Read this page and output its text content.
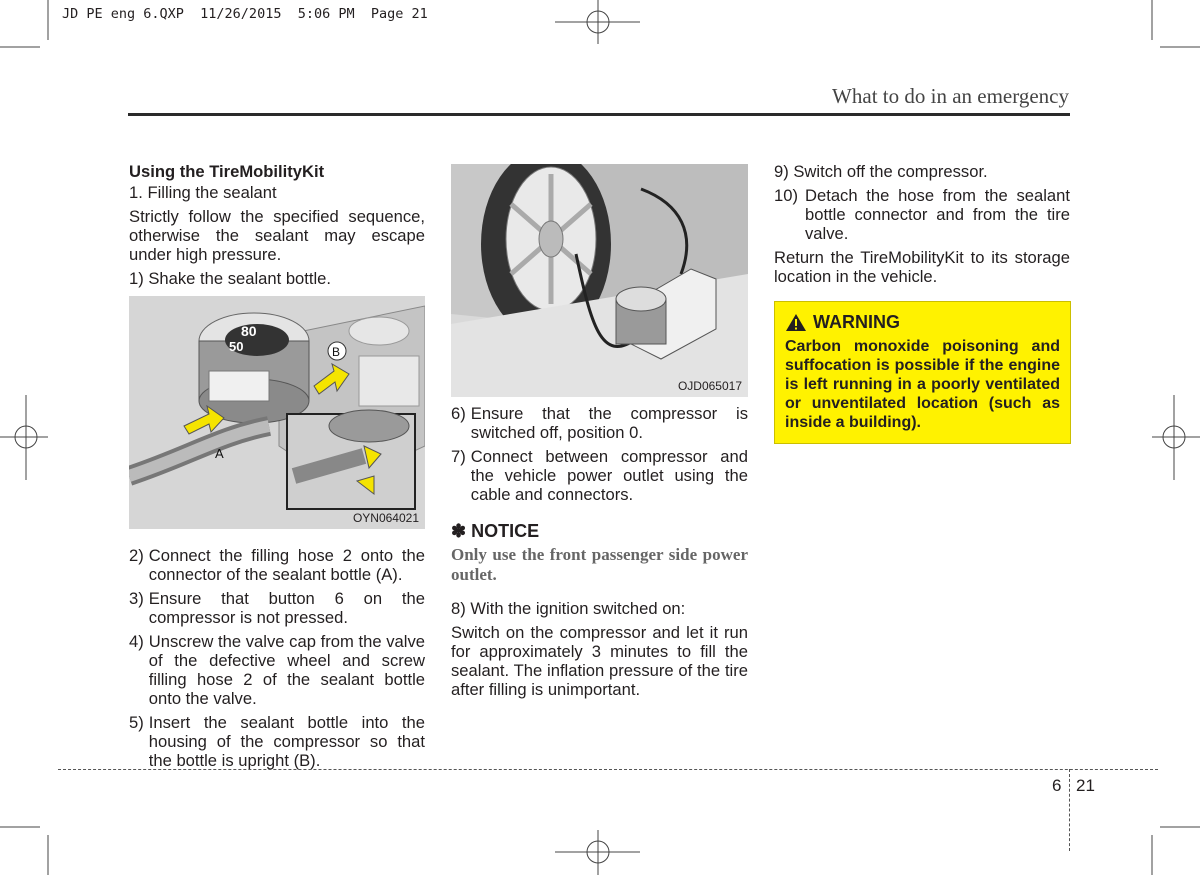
JD PE eng 6.QXP  11/26/2015  5:06 PM  Page 21
What to do in an emergency
Using the TireMobilityKit

1. Filling the sealant

Strictly follow the specified sequence, otherwise the sealant may escape under high pressure.

1) Shake the sealant bottle.

80
50	B
A
OYN064021
2) Connect the filling hose 2 onto the connector of the sealant bottle (A).
3) Ensure that button 6 on the compressor is not pressed.
4) Unscrew the valve cap from the valve of the defective wheel and screw filling hose 2 of the sealant bottle onto the valve.
5) Insert the sealant bottle into the housing of the compressor so that the bottle is upright (B).
OJD065017
6) Ensure that the compressor is switched off, position 0.
7) Connect between compressor and the vehicle power outlet using the cable and connectors.
✽ NOTICE
Only use the front passenger side power outlet.

8) With the ignition switched on:

Switch on the compressor and let it run for approximately 3 minutes to fill the sealant. The inflation pressure of the tire after filling is unimportant.

9) Switch off the compressor.

10) Detach the hose from the sealant bottle connector and from the tire valve.

Return the TireMobilityKit to its storage location in the vehicle.

WARNING
Carbon monoxide poisoning and suffocation is possible if the engine is left running in a poorly ventilated or unventilated location (such as inside a building).
6 21
